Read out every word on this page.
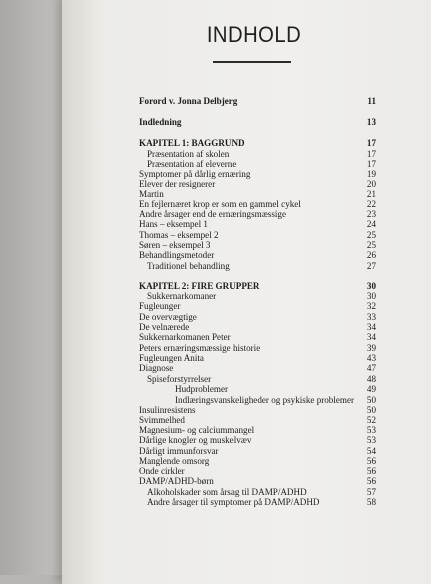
INDHOLD
Forord v. Jonna Delbjerg	11
Indledning	13
KAPITEL 1: BAGGRUND	17
Præsentation af skolen	17
Præsentation af eleverne	17
Symptomer på dårlig ernæring	19
Elever der resignerer	20
Martin	21
En fejlernæret krop er som en gammel cykel	22
Andre årsager end de ernæringsmæssige	23
Hans – eksempel 1	24
Thomas – eksempel 2	25
Søren – eksempel 3	25
Behandlingsmetoder	26
Traditionel behandling	27
KAPITEL 2: FIRE GRUPPER	30
Sukkernarkomaner	30
Fugleunger	32
De overvægtige	33
De velnærede	34
Sukkernarkomanen Peter	34
Peters ernæringsmæssige historie	39
Fugleungen Anita	43
Diagnose	47
Spiseforstyrrelser	48
Hudproblemer	49
Indlæringsvanskeligheder og psykiske problemer	50
Insulinresistens	50
Svimmelhed	52
Magnesium- og calciummangel	53
Dårlige knogler og muskelvæv	53
Dårligt immunforsvar	54
Manglende omsorg	56
Onde cirkler	56
DAMP/ADHD-børn	56
Alkoholskader som årsag til DAMP/ADHD	57
Andre årsager til symptomer på DAMP/ADHD	58
